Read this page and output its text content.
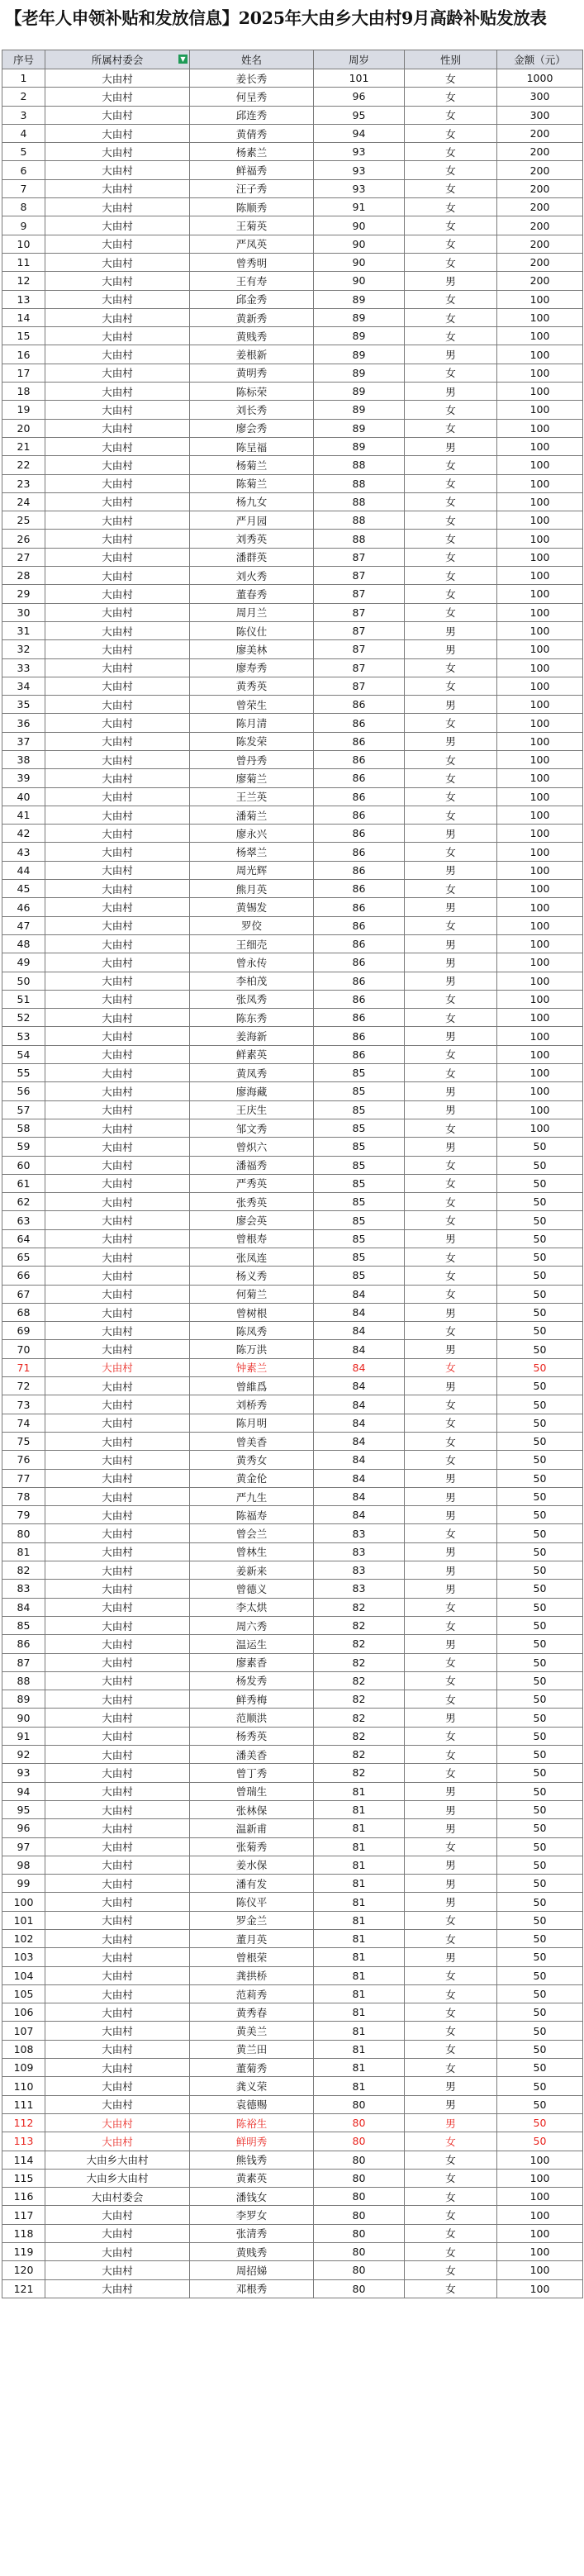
【老年人申领补贴和发放信息】2025年大由乡大由村9月高龄补贴发放表
序号	所属村委会 ▼	姓名	周岁	性别	金额（元）
1	大由村	姜长秀	101	女	1000
2	大由村	何呈秀	96	女	300
3	大由村	邱连秀	95	女	300
4	大由村	黄倩秀	94	女	200
5	大由村	杨素兰	93	女	200
6	大由村	鲜福秀	93	女	200
7	大由村	汪子秀	93	女	200
8	大由村	陈顺秀	91	女	200
9	大由村	王菊英	90	女	200
10	大由村	严凤英	90	女	200
11	大由村	曾秀明	90	女	200
12	大由村	王有寿	90	男	200
13	大由村	邱金秀	89	女	100
14	大由村	黄新秀	89	女	100
15	大由村	黄贱秀	89	女	100
16	大由村	姜根新	89	男	100
17	大由村	黄明秀	89	女	100
18	大由村	陈标荣	89	男	100
19	大由村	刘长秀	89	女	100
20	大由村	廖会秀	89	女	100
21	大由村	陈呈福	89	男	100
22	大由村	杨菊兰	88	女	100
23	大由村	陈菊兰	88	女	100
24	大由村	杨九女	88	女	100
25	大由村	严月园	88	女	100
26	大由村	刘秀英	88	女	100
27	大由村	潘群英	87	女	100
28	大由村	刘火秀	87	女	100
29	大由村	董春秀	87	女	100
30	大由村	周月兰	87	女	100
31	大由村	陈仪仕	87	男	100
32	大由村	廖美林	87	男	100
33	大由村	廖寿秀	87	女	100
34	大由村	黄秀英	87	女	100
35	大由村	曾荣生	86	男	100
36	大由村	陈月清	86	女	100
37	大由村	陈发荣	86	男	100
38	大由村	曾丹秀	86	女	100
39	大由村	廖菊兰	86	女	100
40	大由村	王兰英	86	女	100
41	大由村	潘菊兰	86	女	100
42	大由村	廖永兴	86	男	100
43	大由村	杨翠兰	86	女	100
44	大由村	周光辉	86	男	100
45	大由村	熊月英	86	女	100
46	大由村	黄锡发	86	男	100
47	大由村	罗佼	86	女	100
48	大由村	王细売	86	男	100
49	大由村	曾永传	86	男	100
50	大由村	李柏茂	86	男	100
51	大由村	张凤秀	86	女	100
52	大由村	陈东秀	86	女	100
53	大由村	姜海新	86	男	100
54	大由村	鲜素英	86	女	100
55	大由村	黄凤秀	85	女	100
56	大由村	廖海藏	85	男	100
57	大由村	王庆生	85	男	100
58	大由村	邹文秀	85	女	100
59	大由村	曾炽六	85	男	50
60	大由村	潘福秀	85	女	50
61	大由村	严秀英	85	女	50
62	大由村	张秀英	85	女	50
63	大由村	廖会英	85	女	50
64	大由村	曾根寿	85	男	50
65	大由村	张凤连	85	女	50
66	大由村	杨义秀	85	女	50
67	大由村	何菊兰	84	女	50
68	大由村	曾树根	84	男	50
69	大由村	陈凤秀	84	女	50
70	大由村	陈万洪	84	男	50
71	大由村	钟素兰	84	女	50
72	大由村	曾維爲	84	男	50
73	大由村	刘桥秀	84	女	50
74	大由村	陈月明	84	女	50
75	大由村	曾美香	84	女	50
76	大由村	黄秀女	84	女	50
77	大由村	黄金伦	84	男	50
78	大由村	严九生	84	男	50
79	大由村	陈福寿	84	男	50
80	大由村	曾会兰	83	女	50
81	大由村	曾林生	83	男	50
82	大由村	姜新来	83	男	50
83	大由村	曾德义	83	男	50
84	大由村	李太烘	82	女	50
85	大由村	周六秀	82	女	50
86	大由村	温运生	82	男	50
87	大由村	廖素香	82	女	50
88	大由村	杨发秀	82	女	50
89	大由村	鲜秀梅	82	女	50
90	大由村	范顺洪	82	男	50
91	大由村	杨秀英	82	女	50
92	大由村	潘美香	82	女	50
93	大由村	曾丁秀	82	女	50
94	大由村	曾瑞生	81	男	50
95	大由村	张林保	81	男	50
96	大由村	温新甫	81	男	50
97	大由村	张菊秀	81	女	50
98	大由村	姜水保	81	男	50
99	大由村	潘有发	81	男	50
100	大由村	陈仪平	81	男	50
101	大由村	罗金兰	81	女	50
102	大由村	董月英	81	女	50
103	大由村	曾根荣	81	男	50
104	大由村	龚拱桥	81	女	50
105	大由村	范莉秀	81	女	50
106	大由村	黄秀春	81	女	50
107	大由村	黄美兰	81	女	50
108	大由村	黄兰田	81	女	50
109	大由村	董菊秀	81	女	50
110	大由村	龚义荣	81	男	50
111	大由村	袁德赐	80	男	50
112	大由村	陈裕生	80	男	50
113	大由村	鲜明秀	80	女	50
114	大由乡大由村	熊钱秀	80	女	100
115	大由乡大由村	黄素英	80	女	100
116	大由村委会	潘钱女	80	女	100
117	大由村	李罗女	80	女	100
118	大由村	张清秀	80	女	100
119	大由村	黄贱秀	80	女	100
120	大由村	周招娣	80	女	100
121	大由村	邓根秀	80	女	100
